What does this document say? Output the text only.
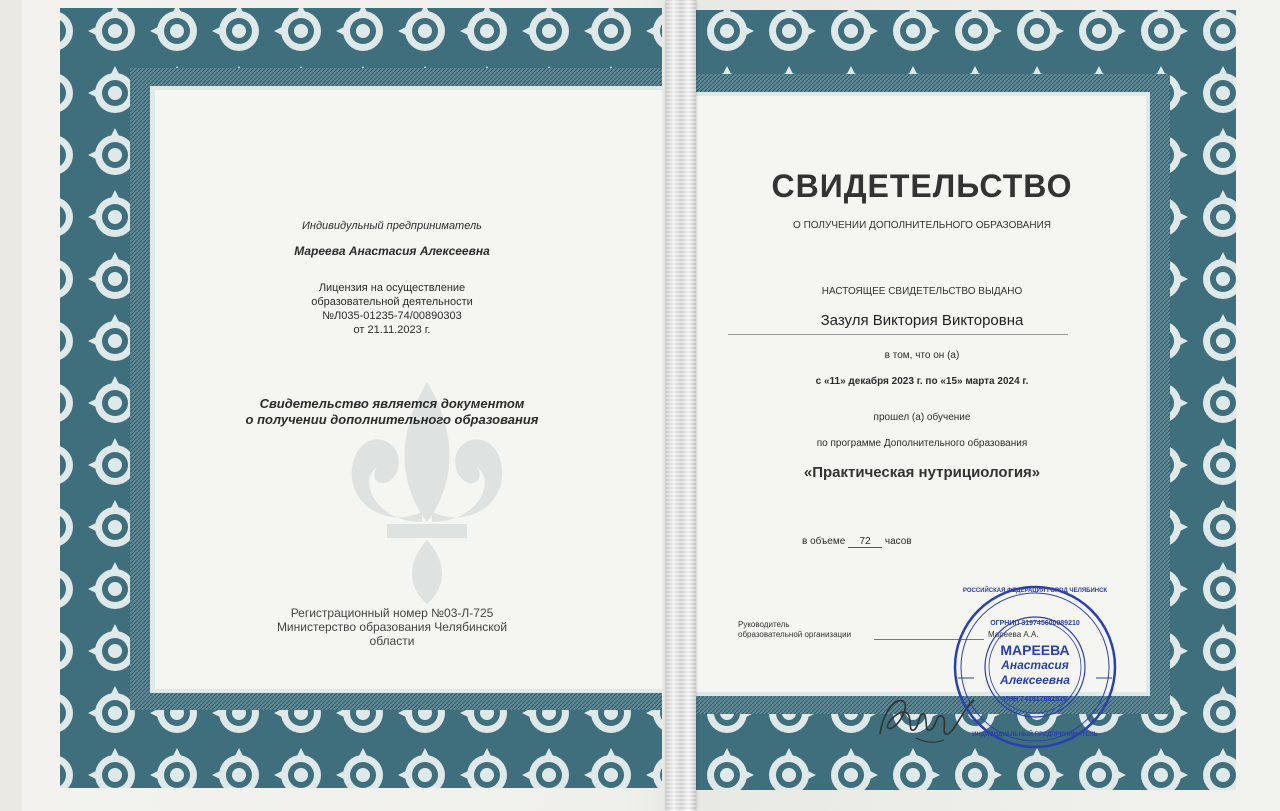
Индивидульный предприниматель
Мареева Анастасия Алексеевна
Лицензия на осуществление
образовательной деятельности
№Л035-01235-74/00890303
от 21.11.2023 г.
Свидетельство является документом
о получении дополнительного образования
Регистрационный номер №03-Л-725
Министерство образования Челябинской
области
СВИДЕТЕЛЬСТВО
О ПОЛУЧЕНИИ ДОПОЛНИТЕЛЬНОГО ОБРАЗОВАНИЯ
НАСТОЯЩЕЕ СВИДЕТЕЛЬСТВО ВЫДАНО
Зазуля Виктория Викторовна
в том, что он (а)
с «11» декабря 2023 г. по «15» марта 2024 г.
прошел (а) обучение
по программе Дополнительного образования
«Практическая нутрициология»
в объеме 72 часов
Руководитель
образовательной организации	Мареева А.А.
МАРЕЕВА
Анастасия
Алексеевна
РОССИЙСКАЯ ФЕДЕРАЦИЯ ГОРОД ЧЕЛЯБИНСК
ОГРНИП 319745600089210
ИНН 741617861519
ИНДИВИДУАЛЬНЫЙ ПРЕДПРИНИМАТЕЛЬ
